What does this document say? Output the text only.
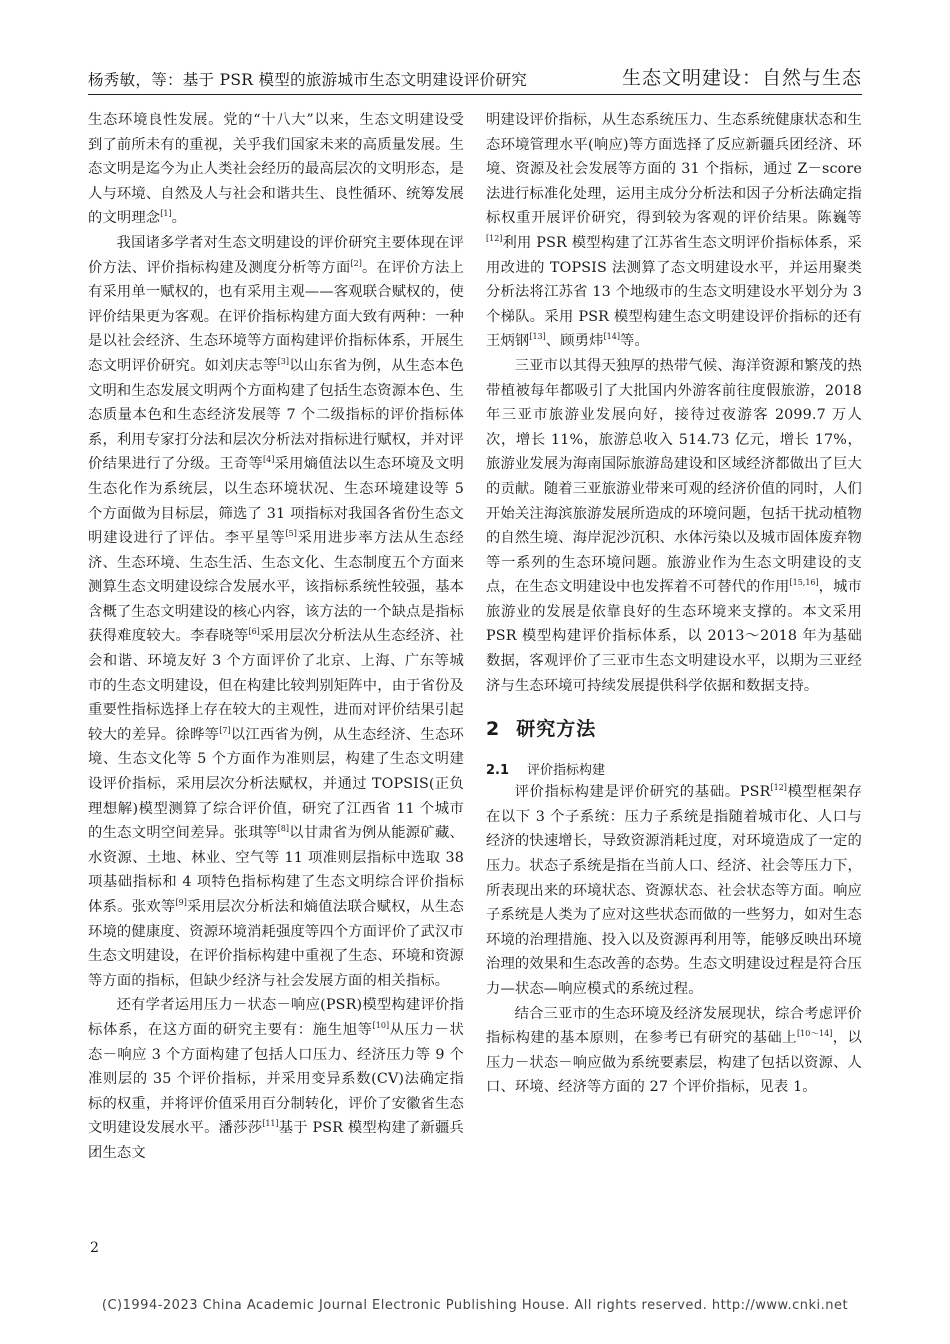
杨秀敏，等：基于 PSR 模型的旅游城市生态文明建设评价研究	生态文明建设：自然与生态

生态环境良性发展。党的“十八大”以来，生态文明建设受到了前所未有的重视，关乎我们国家未来的高质量发展。生态文明是迄今为止人类社会经历的最高层次的文明形态，是人与环境、自然及人与社会和谐共生、良性循环、统筹发展的文明理念[1]。

我国诸多学者对生态文明建设的评价研究主要体现在评价方法、评价指标构建及测度分析等方面[2]。在评价方法上有采用单一赋权的，也有采用主观——客观联合赋权的，使评价结果更为客观。在评价指标构建方面大致有两种：一种是以社会经济、生态环境等方面构建评价指标体系，开展生态文明评价研究。如刘庆志等[3]以山东省为例，从生态本色文明和生态发展文明两个方面构建了包括生态资源本色、生态质量本色和生态经济发展等 7 个二级指标的评价指标体系，利用专家打分法和层次分析法对指标进行赋权，并对评价结果进行了分级。王奇等[4]采用熵值法以生态环境及文明生态化作为系统层，以生态环境状况、生态环境建设等 5 个方面做为目标层，筛选了 31 项指标对我国各省份生态文明建设进行了评估。李平星等[5]采用进步率方法从生态经济、生态环境、生态生活、生态文化、生态制度五个方面来测算生态文明建设综合发展水平，该指标系统性较强，基本含概了生态文明建设的核心内容，该方法的一个缺点是指标获得难度较大。李春晓等[6]采用层次分析法从生态经济、社会和谐、环境友好 3 个方面评价了北京、上海、广东等城市的生态文明建设，但在构建比较判别矩阵中，由于省份及重要性指标选择上存在较大的主观性，进而对评价结果引起较大的差异。徐晔等[7]以江西省为例，从生态经济、生态环境、生态文化等 5 个方面作为准则层，构建了生态文明建设评价指标，采用层次分析法赋权，并通过 TOPSIS(正负理想解)模型测算了综合评价值，研究了江西省 11 个城市的生态文明空间差异。张琪等[8]以甘肃省为例从能源矿藏、水资源、土地、林业、空气等 11 项准则层指标中选取 38 项基础指标和 4 项特色指标构建了生态文明综合评价指标体系。张欢等[9]采用层次分析法和熵值法联合赋权，从生态环境的健康度、资源环境消耗强度等四个方面评价了武汉市生态文明建设，在评价指标构建中重视了生态、环境和资源等方面的指标，但缺少经济与社会发展方面的相关指标。

还有学者运用压力－状态－响应(PSR)模型构建评价指标体系，在这方面的研究主要有：施生旭等[10]从压力－状态－响应 3 个方面构建了包括人口压力、经济压力等 9 个准则层的 35 个评价指标，并采用变异系数(CV)法确定指标的权重，并将评价值采用百分制转化，评价了安徽省生态文明建设发展水平。潘莎莎[11]基于 PSR 模型构建了新疆兵团生态文

明建设评价指标，从生态系统压力、生态系统健康状态和生态环境管理水平(响应)等方面选择了反应新疆兵团经济、环境、资源及社会发展等方面的 31 个指标，通过 Z－score 法进行标准化处理，运用主成分分析法和因子分析法确定指标权重开展评价研究，得到较为客观的评价结果。陈巍等[12]利用 PSR 模型构建了江苏省生态文明评价指标体系，采用改进的 TOPSIS 法测算了态文明建设水平，并运用聚类分析法将江苏省 13 个地级市的生态文明建设水平划分为 3 个梯队。采用 PSR 模型构建生态文明建设评价指标的还有王炳钢[13]、顾勇炜[14]等。

三亚市以其得天独厚的热带气候、海洋资源和繁茂的热带植被每年都吸引了大批国内外游客前往度假旅游，2018 年三亚市旅游业发展向好，接待过夜游客 2099.7 万人次，增长 11%，旅游总收入 514.73 亿元，增长 17%，旅游业发展为海南国际旅游岛建设和区域经济都做出了巨大的贡献。随着三亚旅游业带来可观的经济价值的同时，人们开始关注海滨旅游发展所造成的环境问题，包括干扰动植物的自然生境、海岸泥沙沉积、水体污染以及城市固体废弃物等一系列的生态环境问题。旅游业作为生态文明建设的支点，在生态文明建设中也发挥着不可替代的作用[15,16]，城市旅游业的发展是依靠良好的生态环境来支撑的。本文采用 PSR 模型构建评价指标体系，以 2013～2018 年为基础数据，客观评价了三亚市生态文明建设水平，以期为三亚经济与生态环境可持续发展提供科学依据和数据支持。

2 研究方法
2.1 评价指标构建

评价指标构建是评价研究的基础。PSR[12]模型框架存在以下 3 个子系统：压力子系统是指随着城市化、人口与经济的快速增长，导致资源消耗过度，对环境造成了一定的压力。状态子系统是指在当前人口、经济、社会等压力下，所表现出来的环境状态、资源状态、社会状态等方面。响应子系统是人类为了应对这些状态而做的一些努力，如对生态环境的治理措施、投入以及资源再利用等，能够反映出环境治理的效果和生态改善的态势。生态文明建设过程是符合压力—状态—响应模式的系统过程。

结合三亚市的生态环境及经济发展现状，综合考虑评价指标构建的基本原则，在参考已有研究的基础上[10～14]，以压力－状态－响应做为系统要素层，构建了包括以资源、人口、环境、经济等方面的 27 个评价指标，见表 1。

2
(C)1994-2023 China Academic Journal Electronic Publishing House. All rights reserved. http://www.cnki.net
